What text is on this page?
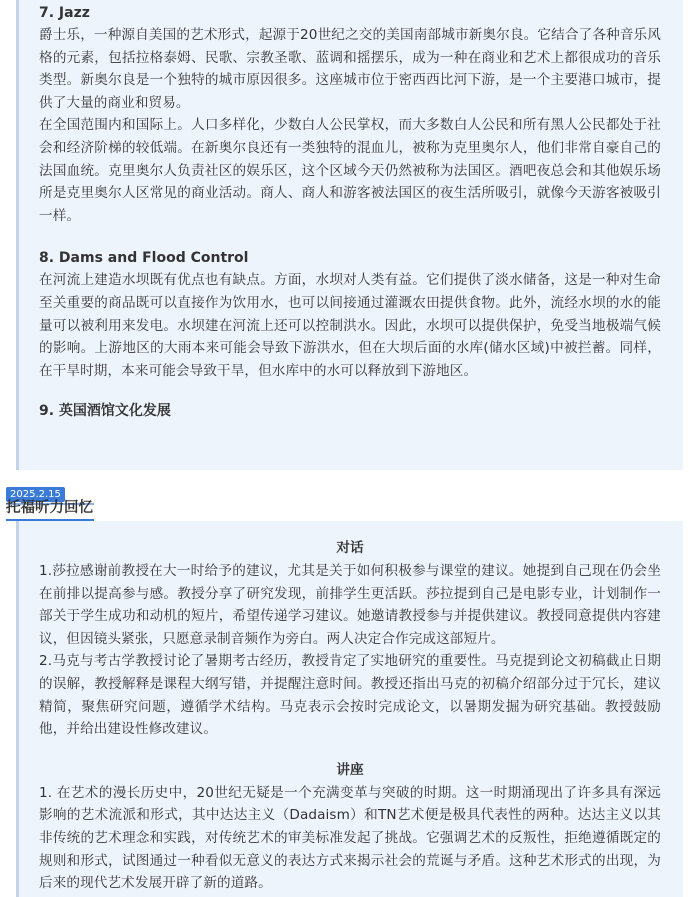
7. Jazz

爵士乐，一种源自美国的艺术形式，起源于20世纪之交的美国南部城市新奥尔良。它结合了各种音乐风格的元素，包括拉格泰姆、民歌、宗教圣歌、蓝调和摇摆乐，成为一种在商业和艺术上都很成功的音乐类型。新奥尔良是一个独特的城市原因很多。这座城市位于密西西比河下游，是一个主要港口城市，提供了大量的商业和贸易。

在全国范围内和国际上。人口多样化，少数白人公民掌权，而大多数白人公民和所有黑人公民都处于社会和经济阶梯的较低端。在新奥尔良还有一类独特的混血儿，被称为克里奥尔人，他们非常自豪自己的法国血统。克里奥尔人负责社区的娱乐区，这个区域今天仍然被称为法国区。酒吧夜总会和其他娱乐场所是克里奥尔人区常见的商业活动。商人、商人和游客被法国区的夜生活所吸引，就像今天游客被吸引一样。

8. Dams and Flood Control

在河流上建造水坝既有优点也有缺点。方面，水坝对人类有益。它们提供了淡水储备，这是一种对生命至关重要的商品既可以直接作为饮用水，也可以间接通过灌溉农田提供食物。此外，流经水坝的水的能量可以被利用来发电。水坝建在河流上还可以控制洪水。因此，水坝可以提供保护，免受当地极端气候的影响。上游地区的大雨本来可能会导致下游洪水，但在大坝后面的水库(储水区域)中被拦蓄。同样，在干旱时期，本来可能会导致干旱，但水库中的水可以释放到下游地区。

9. 英国酒馆文化发展

2025.2.15
托福听力回忆

对话

1.莎拉感谢前教授在大一时给予的建议，尤其是关于如何积极参与课堂的建议。她提到自己现在仍会坐在前排以提高参与感。教授分享了研究发现，前排学生更活跃。莎拉提到自己是电影专业，计划制作一部关于学生成功和动机的短片，希望传递学习建议。她邀请教授参与并提供建议。教授同意提供内容建议，但因镜头紧张，只愿意录制音频作为旁白。两人决定合作完成这部短片。

2.马克与考古学教授讨论了暑期考古经历，教授肯定了实地研究的重要性。马克提到论文初稿截止日期的误解，教授解释是课程大纲写错，并提醒注意时间。教授还指出马克的初稿介绍部分过于冗长，建议精简，聚焦研究问题，遵循学术结构。马克表示会按时完成论文，以暑期发掘为研究基础。教授鼓励他，并给出建设性修改建议。

讲座

1. 在艺术的漫长历史中，20世纪无疑是一个充满变革与突破的时期。这一时期涌现出了许多具有深远影响的艺术流派和形式，其中达达主义（Dadaism）和TN艺术便是极具代表性的两种。达达主义以其非传统的艺术理念和实践，对传统艺术的审美标准发起了挑战。它强调艺术的反叛性，拒绝遵循既定的规则和形式，试图通过一种看似无意义的表达方式来揭示社会的荒诞与矛盾。这种艺术形式的出现，为后来的现代艺术发展开辟了新的道路。
